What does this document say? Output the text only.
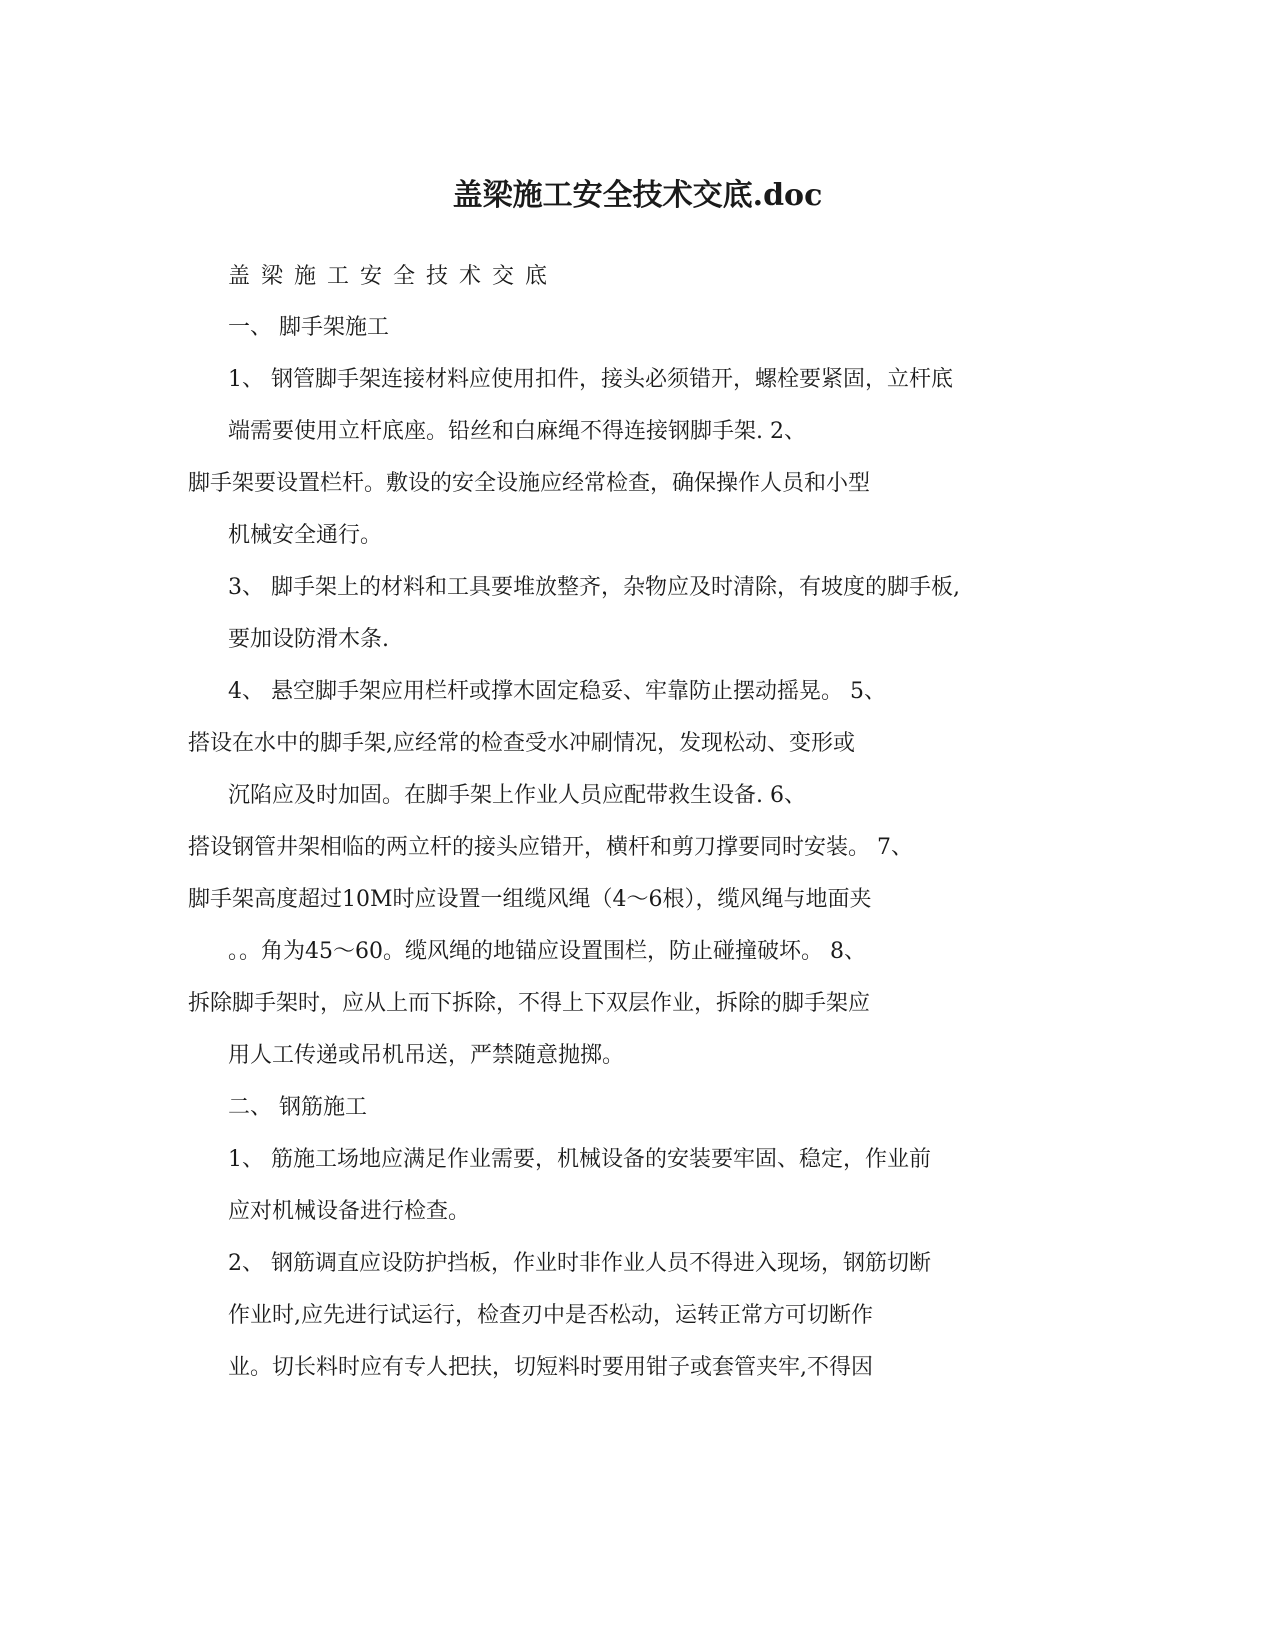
盖梁施工安全技术交底.doc
盖梁施工安全技术交底
一、 脚手架施工
1、 钢管脚手架连接材料应使用扣件，接头必须错开，螺栓要紧固，立杆底
端需要使用立杆底座。铅丝和白麻绳不得连接钢脚手架. 2、
脚手架要设置栏杆。敷设的安全设施应经常检查，确保操作人员和小型
机械安全通行。
3、 脚手架上的材料和工具要堆放整齐，杂物应及时清除，有坡度的脚手板,
要加设防滑木条.
4、 悬空脚手架应用栏杆或撑木固定稳妥、牢靠防止摆动摇晃。 5、
搭设在水中的脚手架,应经常的检查受水冲刷情况，发现松动、变形或
沉陷应及时加固。在脚手架上作业人员应配带救生设备. 6、
搭设钢管井架相临的两立杆的接头应错开，横杆和剪刀撑要同时安装。 7、
脚手架高度超过10M时应设置一组缆风绳（4～6根），缆风绳与地面夹
。。角为45～60。缆风绳的地锚应设置围栏，防止碰撞破坏。 8、
拆除脚手架时，应从上而下拆除，不得上下双层作业，拆除的脚手架应
用人工传递或吊机吊送，严禁随意抛掷。
二、 钢筋施工
1、 筋施工场地应满足作业需要，机械设备的安装要牢固、稳定，作业前
应对机械设备进行检查。
2、 钢筋调直应设防护挡板，作业时非作业人员不得进入现场，钢筋切断
作业时,应先进行试运行，检查刃中是否松动，运转正常方可切断作
业。切长料时应有专人把扶，切短料时要用钳子或套管夹牢,不得因
